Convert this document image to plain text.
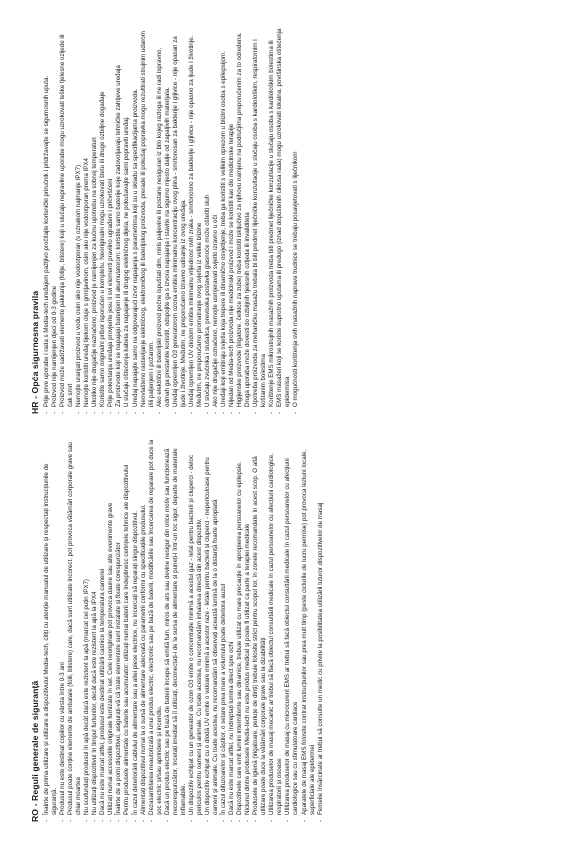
RO - Reguli generale de siguranță - Înainte de prima utilizare și utilizare a dispozitivului Media-tech, citiți cu atenție manualul de utilizare și respectați instrucțiunile de siguranță. - Produsul nu este destinat copiilor cu vârsta între 0-3 ani - Produsul poate conține elemente de ambalare (folii, blistere) care, dacă sunt utilizate incorect, pot provoca vătămări corporale grave sau chiar moartea - Nu scufundați produsul în apă decât dacă este rezistent la apă (marcat cel puțin IPX7) - Nu utilizați dispozitivul în timpul furtunilor, decât dacă este rezistent la apă la IPX4 - Dacă nu este marcat altfel, produsul este destinat utilizării casnice la temperatura camerei - Utilizați numai accesoriile originale furnizate în set. Cele neoriginale pot provoca daune sau alte evenimente grave - Înainte de a porni dispozitivul, asigurați-vă că toate elementele sunt instalate și fixate corespunzător - Pentru produsele alimentate cu baterie sau acumulator: utilizați numai baterii care îndeplinesc cerințele tehnice ale dispozitivului - În cazul deteriorării cablului de alimentare sau a altei piese electrice, nu încercați să reparați singur dispozitivul. - Alimentați dispozitivul numai la o sursă de alimentare adecvată cu parametrii conformi cu specificațiile produsului. - Dezasamblarea neautorizată a unui produs electric, electronic sau pe bază de baterii, modificările sau încercarea de reparare pot duce la șoc electric și/sau aprindere și incendiu. - Dacă un produs electric sau pe bază de baterii începe să emită fum, miros de ars sau devine nesigur din orice motiv sau funcționează necorespunzător, încetați imediat să îl utilizați, deconectați-l de la sursa de alimentare și puneți-l într-un loc sigur, departe de materiale inflamabile. - Un dispozitiv echipat cu un generator de ozon O3 emite o concentrație minimă a acestui gaz - letal pentru bacterii și ciuperci - deloc periculos pentru oameni și animale. Cu toate acestea, nu recomandăm inhalarea directă din acest dispozitiv. - Un dispozitiv echipat cu o diodă UV emite o valoare minimă a acestor raze - letale pentru bacterii și ciuperci - nepericuloase pentru oameni și animale. Cu toate acestea, nu recomandăm să observați această lumină de la o distanță foarte apropiată - În cazul difuzoarelor și căștilor, o setare prea mare a volumului poate deteriora auzul - Dacă nu este marcat altfel, nu îndreptați lumina direct spre ochi - Dispozitivele care emit lumini intermitente sau dinamice, trebuie utilizat cu mare precauție în apropierea persoanelor cu epilepsie. - Niciunul dintre produsele Media-tech nu este produs medical și poate fi utilizat ca parte a terapiei medicale - Produsele de igienă (irigatoare, periuțe de dinți) trebuie folosite strict pentru scopul lor, în zonele recomandate în acest scop. O altă utilizare poate duce la vătămări corporale grave sau la dizabilități - Utilizarea produselor de masaj mecanic ar trebui să fiacă obiectul consultării medicale în cazul persoanelor cu afecțiuni cardiologice, respiratorii și osoase - Utilizarea produselor de masaj cu microcurent EMS ar trebui să facă obiectul consultării medicale în cazul persoanelor cu afecțiuni cardiologice sau cu stimulatoare cardiace - Aparatele de masaj EMS folosite contrar instrucțiunilor sau prea mult timp (peste ciclurile de lucru permise) pot provoca leziuni locale, superficiale ale epidermei - Femeile însărcinate ar trebui să consulte un medic cu privire la posibilitatea utilizării tuturor dispozitivelor de masaj
HR - Opća sigurnosna pravila - Prije prve uporabe i rada s Media-tech uređajem pažljivo pročitajte korisnički priručnik i pridržavajte se sigurnosnih uputa. - Proizvod nije namijenjen djeci od 0-3 godine - Proizvod može sadržavati elemente pakiranja (folije, blistere) koji u slučaju nepravilne uporabe mogu uzrokovati teške tjelesne ozljede ili čak smrt - Nemojte uranjati proizvod u vodu osim ako nije vodootporan (s oznakom najmanje IPX7) - Nemojte koristiti uređaj tijekom oluje s grmljavinom, osim ako nije vodootporan prema IPX4 - Ukoliko nije drugačije naznačeno, proizvod je namijenjen za kućnu upotrebu na sobnoj temperaturi - Koristite samo originalni pribor isporučen u kompletu. Neoriginalni mogu uzrokovati štetu ili druge ozbiljne događaje - Prije pokretanja uređaja provjerite jesu li svi elementi pravilno ugrađeni i pričvršćeni - Za proizvode koji se napajaju baterijom ili akumulatorom: koristite samo baterije koje zadovoljavaju tehničke zahtjeve uređaja - U slučaju oštećenja kabela za napajanje ili drugog električnog dijela, ne pokušavajte sami popraviti uređaj. - Uređaj napajajte samo na odgovarajući izvor napajanja s parametrima koji su u skladu sa specifikacijama proizvoda. - Neovlašteno rastavljanje električnog, elektroničkog ili baterijskog proizvoda, prerade ili pokušaj popravka mogu rezultirati strujnim udarom i/ili paljenjem i požarom. - Ako električni ili baterijski proizvod počne ispuštati dim, miris paljevine ili postane nesiguran iz bilo kojeg razloga ili ne radi ispravno, odmah ga prestanite koristiti, odspojite ga s izvora napajanja i stavite na sigurno mjesto dalje od zapaljivih materijala. - Uređaj opremljen O3 generatorom ozona emitira minimalnu koncentraciju ovog plina - smrtonosan za bakterije i gljivice - nije opasan za ljude i životinje. Međutim, ne preporučamo izravno udisanje iz ovog uređaja. - Uređaj opremljen UV diodom emitira minimalnu vrijednost ovih zraka - smrtonosno za bakterije i gljivice - nije opasno za ljude i životinje. Međutim, ne preporučamo promatranje ovog svjetla iz velike blizine - U slučaju zvučnika i slušalica, previsoka postavka glasnoće može oštetiti sluh - Ako nije drugačije označeno, nemojte usmjeravati svjetlo izravno u oči - Uređaji koji emitiraju svjetla koja trepere ili dinamično osvjetljenje, treba ga koristiti s velikim oprezom u blizini osoba s epilepsijom. - Nijedan od Media-tech proizvoda nije medicinski proizvod i može se koristiti kao dio medicinske terapije - Higijenske proizvode (irigatore, četkice za zube) treba koristiti isključivo za njihovu namjenu na područjima preporučenim za to odredena. Druga uporaba može dovesti do ozbiljnih tjelesnih ozljeda ili invaliditeta - Upotreba proizvoda za mehaničku masažu trebala bi biti predmet liječničke konzultacije u slučaju osoba s kardiološkim, respiratornim i koštanim bolestima - Korištenje EMS mikrostrujnih masažnih proizvoda treba biti predmet liječničke konzultacije u slučaju osoba s kardiološkim bolestima ili - EMS masažeri koji se koriste suprotno uputama ili predugo (iznad dopuštenih ciklusa rada) mogu uzrokovati lokalna, površinska oštećenja epidermisa - O mogućnosti korištenja svih masažnih naprava trudnice se trebaju posavjetovati s liječnikom
